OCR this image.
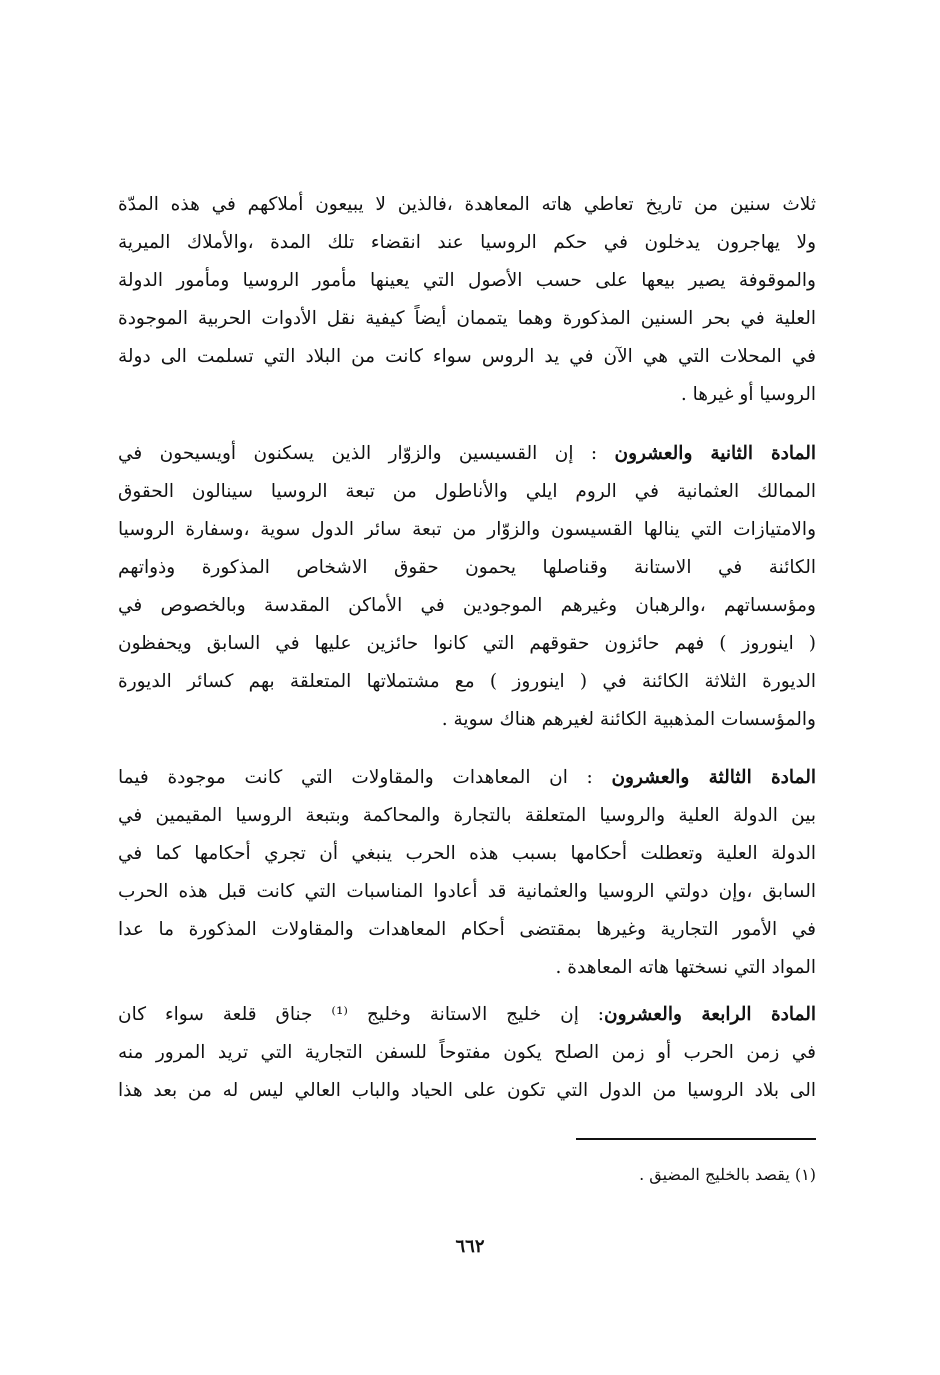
ثلاث سنين من تاريخ تعاطي هاته المعاهدة ،فالذين لا يبيعون أملاكهم في هذه المدّة
ولا يهاجرون يدخلون في حكم الروسيا عند انقضاء تلك المدة ،والأملاك الميرية
والموقوفة يصير بيعها على حسب الأصول التي يعينها مأمور الروسيا ومأمور الدولة
العلية في بحر السنين المذكورة وهما يتممان أيضاً كيفية نقل الأدوات الحربية الموجودة
في المحلات التي هي الآن في يد الروس سواء كانت من البلاد التي تسلمت الى دولة
الروسيا أو غيرها .
المادة الثانية والعشرون : إن القسيسين والزوّار الذين يسكنون أويسيحون في
الممالك العثمانية في الروم ايلي والأناطول من تبعة الروسيا سينالون الحقوق
والامتيازات التي ينالها القسيسون والزوّار من تبعة سائر الدول سوية ،وسفارة الروسيا
الكائنة في الاستانة وقناصلها يحمون حقوق الاشخاص المذكورة وذواتهم
ومؤسساتهم ،والرهبان وغيرهم الموجودين في الأماكن المقدسة وبالخصوص في
( اينوروز ) فهم حائزون حقوقهم التي كانوا حائزين عليها في السابق ويحفظون
الديورة الثلاثة الكائنة في ( اينوروز ) مع مشتملاتها المتعلقة بهم كسائر الديورة
والمؤسسات المذهبية الكائنة لغيرهم هناك سوية .
المادة الثالثة والعشرون : ان المعاهدات والمقاولات التي كانت موجودة فيما
بين الدولة العلية والروسيا المتعلقة بالتجارة والمحاكمة وبتبعة الروسيا المقيمين في
الدولة العلية وتعطلت أحكامها بسبب هذه الحرب ينبغي أن تجري أحكامها كما في
السابق ،وإن دولتي الروسيا والعثمانية قد أعادوا المناسبات التي كانت قبل هذه الحرب
في الأمور التجارية وغيرها بمقتضى أحكام المعاهدات والمقاولات المذكورة ما عدا
المواد التي نسختها هاته المعاهدة .
المادة الرابعة والعشرون: إن خليج الاستانة وخليج ⁽¹⁾ جناق قلعة سواء كان
في زمن الحرب أو زمن الصلح يكون مفتوحاً للسفن التجارية التي تريد المرور منه
الى بلاد الروسيا من الدول التي تكون على الحياد والباب العالي ليس له من بعد هذا
(١) يقصد بالخليج المضيق .
٦٦٢
